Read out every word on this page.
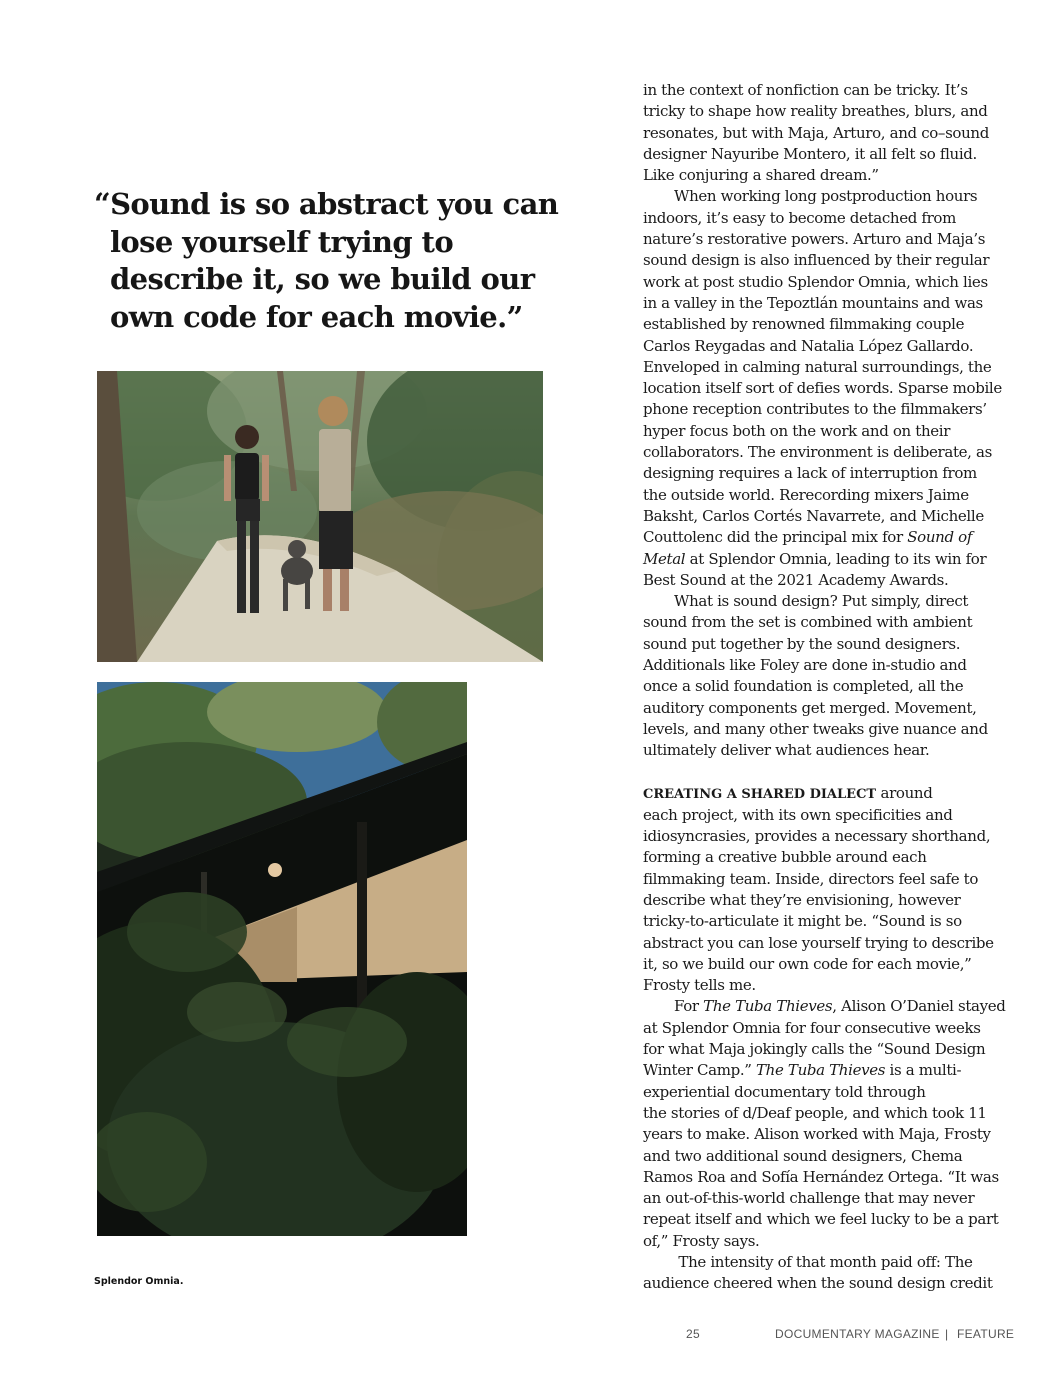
“Sound is so abstract you can lose yourself trying to describe it, so we build our own code for each movie.”
Splendor Omnia.

in the context of nonfiction can be tricky. It’s
tricky to shape how reality breathes, blurs, and
resonates, but with Maja, Arturo, and co–sound
designer Nayuribe Montero, it all felt so fluid.
Like conjuring a shared dream.”

When working long postproduction hours
indoors, it’s easy to become detached from
nature’s restorative powers. Arturo and Maja’s
sound design is also influenced by their regular
work at post studio Splendor Omnia, which lies
in a valley in the Tepoztlán mountains and was
established by renowned filmmaking couple
Carlos Reygadas and Natalia López Gallardo.
Enveloped in calming natural surroundings, the
location itself sort of defies words. Sparse mobile
phone reception contributes to the filmmakers’
hyper focus both on the work and on their
collaborators. The environment is deliberate, as
designing requires a lack of interruption from
the outside world. Rerecording mixers Jaime
Baksht, Carlos Cortés Navarrete, and Michelle
Couttolenc did the principal mix for Sound of
Metal at Splendor Omnia, leading to its win for
Best Sound at the 2021 Academy Awards.

What is sound design? Put simply, direct
sound from the set is combined with ambient
sound put together by the sound designers.
Additionals like Foley are done in-studio and
once a solid foundation is completed, all the
auditory components get merged. Movement,
levels, and many other tweaks give nuance and
ultimately deliver what audiences hear.

CREATING A SHARED DIALECT around
each project, with its own specificities and
idiosyncrasies, provides a necessary shorthand,
forming a creative bubble around each
filmmaking team. Inside, directors feel safe to
describe what they’re envisioning, however
tricky-to-articulate it might be. “Sound is so
abstract you can lose yourself trying to describe
it, so we build our own code for each movie,”
Frosty tells me.

For The Tuba Thieves, Alison O’Daniel stayed
at Splendor Omnia for four consecutive weeks
for what Maja jokingly calls the “Sound Design
Winter Camp.” The Tuba Thieves is a multi-
experiential documentary told through
the stories of d/Deaf people, and which took 11
years to make. Alison worked with Maja, Frosty
and two additional sound designers, Chema
Ramos Roa and Sofía Hernández Ortega. “It was
an out-of-this-world challenge that may never
repeat itself and which we feel lucky to be a part
of,” Frosty says.

The intensity of that month paid off: The
audience cheered when the sound design credit

25	DOCUMENTARY MAGAZINE | FEATURE
